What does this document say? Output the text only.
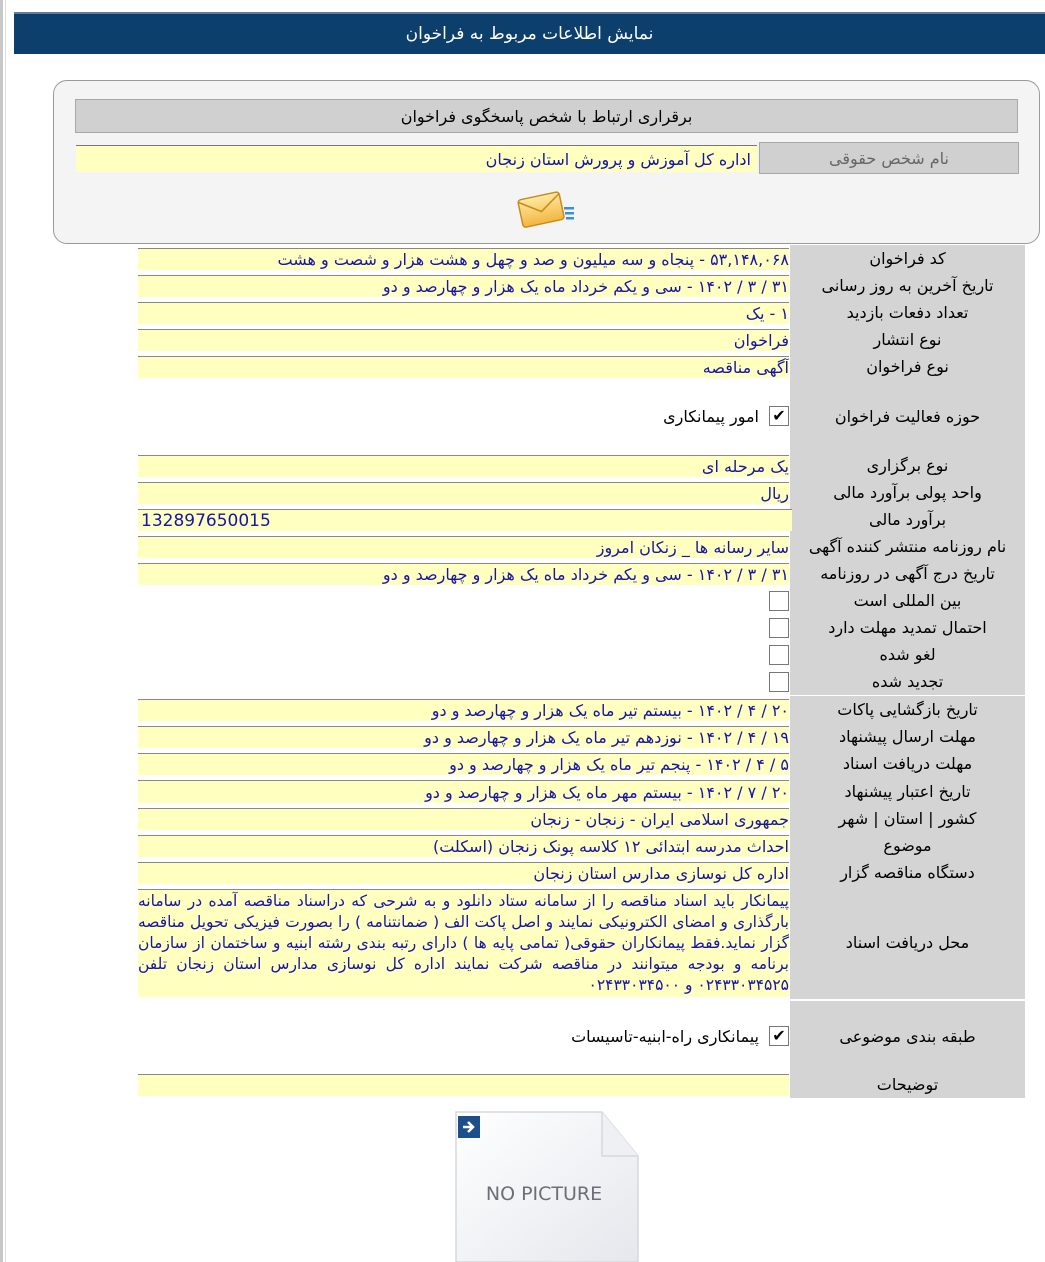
نمایش اطلاعات مربوط به فراخوان
برقراری ارتباط با شخص پاسخگوی فراخوان
نام شخص حقوقی
اداره کل آموزش و پرورش استان زنجان
کد فراخوان
۵۳,۱۴۸,۰۶۸ - پنجاه و سه میلیون و صد و چهل و هشت هزار و شصت و هشت
تاریخ آخرین به روز رسانی
۳۱ / ۳ / ۱۴۰۲ - سی و یکم خرداد ماه یک هزار و چهارصد و دو
تعداد دفعات بازدید
۱ - یک
نوع انتشار
فراخوان
نوع فراخوان
آگهی مناقصه
حوزه فعالیت فراخوان
✔
امور پیمانکاری
نوع برگزاری
یک مرحله ای
واحد پولی برآورد مالی
ریال
برآورد مالی
132897650015
نام روزنامه منتشر کننده آگهی
سایر رسانه ها _ زنکان امروز
تاریخ درج آگهی در روزنامه
۳۱ / ۳ / ۱۴۰۲ - سی و یکم خرداد ماه یک هزار و چهارصد و دو
بین المللی است
احتمال تمدید مهلت دارد
لغو شده
تجدید شده
تاریخ بازگشایی پاکات
۲۰ / ۴ / ۱۴۰۲ - بیستم تیر ماه یک هزار و چهارصد و دو
مهلت ارسال پیشنهاد
۱۹ / ۴ / ۱۴۰۲ - نوزدهم تیر ماه یک هزار و چهارصد و دو
مهلت دریافت اسناد
۵ / ۴ / ۱۴۰۲ - پنجم تیر ماه یک هزار و چهارصد و دو
تاریخ اعتبار پیشنهاد
۲۰ / ۷ / ۱۴۰۲ - بیستم مهر ماه یک هزار و چهارصد و دو
کشور | استان | شهر
جمهوری اسلامی ایران - زنجان - زنجان
موضوع
احداث مدرسه ابتدائی ۱۲ کلاسه پونک زنجان (اسکلت)
دستگاه مناقصه گزار
اداره کل نوسازی مدارس استان زنجان
محل دریافت اسناد
پیمانکار باید اسناد مناقصه را از سامانه ستاد دانلود و به شرحی که دراسناد مناقصه آمده در سامانه بارگذاری و امضای الکترونیکی نمایند و اصل پاکت الف ( ضمانتنامه ) را بصورت فیزیکی تحویل مناقصه گزار نماید.فقط پیمانکاران حقوقی( تمامی پایه ها ) دارای رتبه بندی رشته ابنیه و ساختمان از سازمان برنامه و بودجه میتوانند در مناقصه شرکت نمایند اداره کل نوسازی مدارس استان زنجان تلفن ۰۲۴۳۳۰۳۴۵۲۵ و ۰۲۴۳۳۰۳۴۵۰۰
طبقه بندی موضوعی
✔
پیمانکاری راه-ابنیه-تاسیسات
توضیحات
NO PICTURE
